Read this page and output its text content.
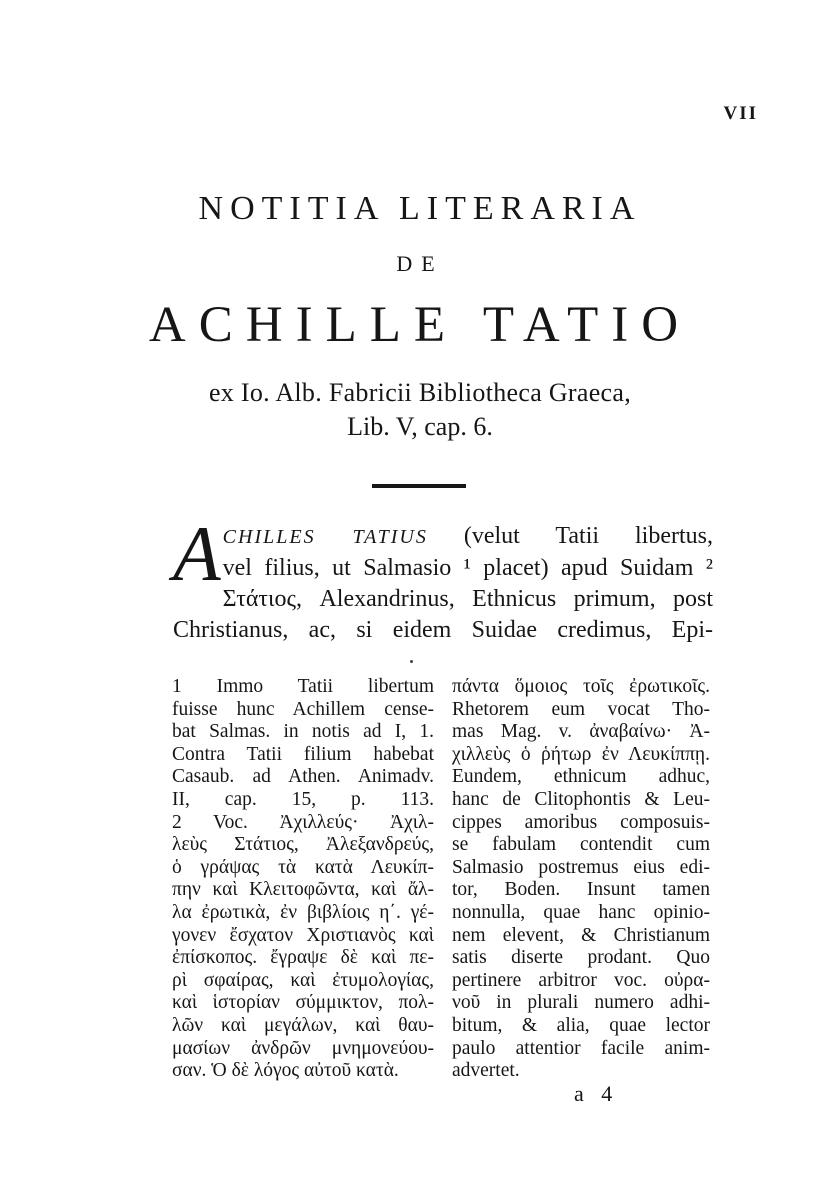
VII
NOTITIA LITERARIA
DE
ACHILLE TATIO
ex Io. Alb. Fabricii Bibliotheca Graeca,
Lib. V, cap. 6.
A CHILLES TATIUS (velut Tatii libertus,
vel filius, ut Salmasio ¹ placet) apud Suidam ²
Στάτιος, Alexandrinus, Ethnicus primum, post
Christianus, ac, si eidem Suidae credimus, Epi-
1 Immo Tatii libertum
fuisse hunc Achillem cense-
bat Salmas. in notis ad I, 1.
Contra Tatii filium habebat
Casaub. ad Athen. Animadv.
II, cap. 15, p. 113.
2 Voc. Ἀχιλλεύς· Ἀχιλ-
λεὺς Στάτιος, Ἀλεξανδρεύς,
ὁ γράψας τὰ κατὰ Λευκίπ-
πην καὶ Κλειτοφῶντα, καὶ ἄλ-
λα ἐρωτικὰ, ἐν βιβλίοις η΄. γέ-
γονεν ἔσχατον Χριστιανὸς καὶ
ἐπίσκοπος. ἔγραψε δὲ καὶ πε-
ρὶ σφαίρας, καὶ ἐτυμολογίας,
καὶ ἱστορίαν σύμμικτον, πολ-
λῶν καὶ μεγάλων, καὶ θαυ-
μασίων ἀνδρῶν μνημονεύου-
σαν. Ὁ δὲ λόγος αὐτοῦ κατὰ.
πάντα ὅμοιος τοῖς ἐρωτικοῖς.
Rhetorem eum vocat Tho-
mas Mag. v. ἀναβαίνω· Ἀ-
χιλλεὺς ὁ ῥήτωρ ἐν Λευκίππῃ.
Eundem, ethnicum adhuc,
hanc de Clitophontis & Leu-
cippes amoribus composuis-
se fabulam contendit cum
Salmasio postremus eius edi-
tor, Boden. Insunt tamen
nonnulla, quae hanc opinio-
nem elevent, & Christianum
satis diserte prodant. Quo
pertinere arbitror voc. οὐρα-
νοῦ in plurali numero adhi-
bitum, & alia, quae lector
paulo attentior facile anim-
advertet.
a 4
